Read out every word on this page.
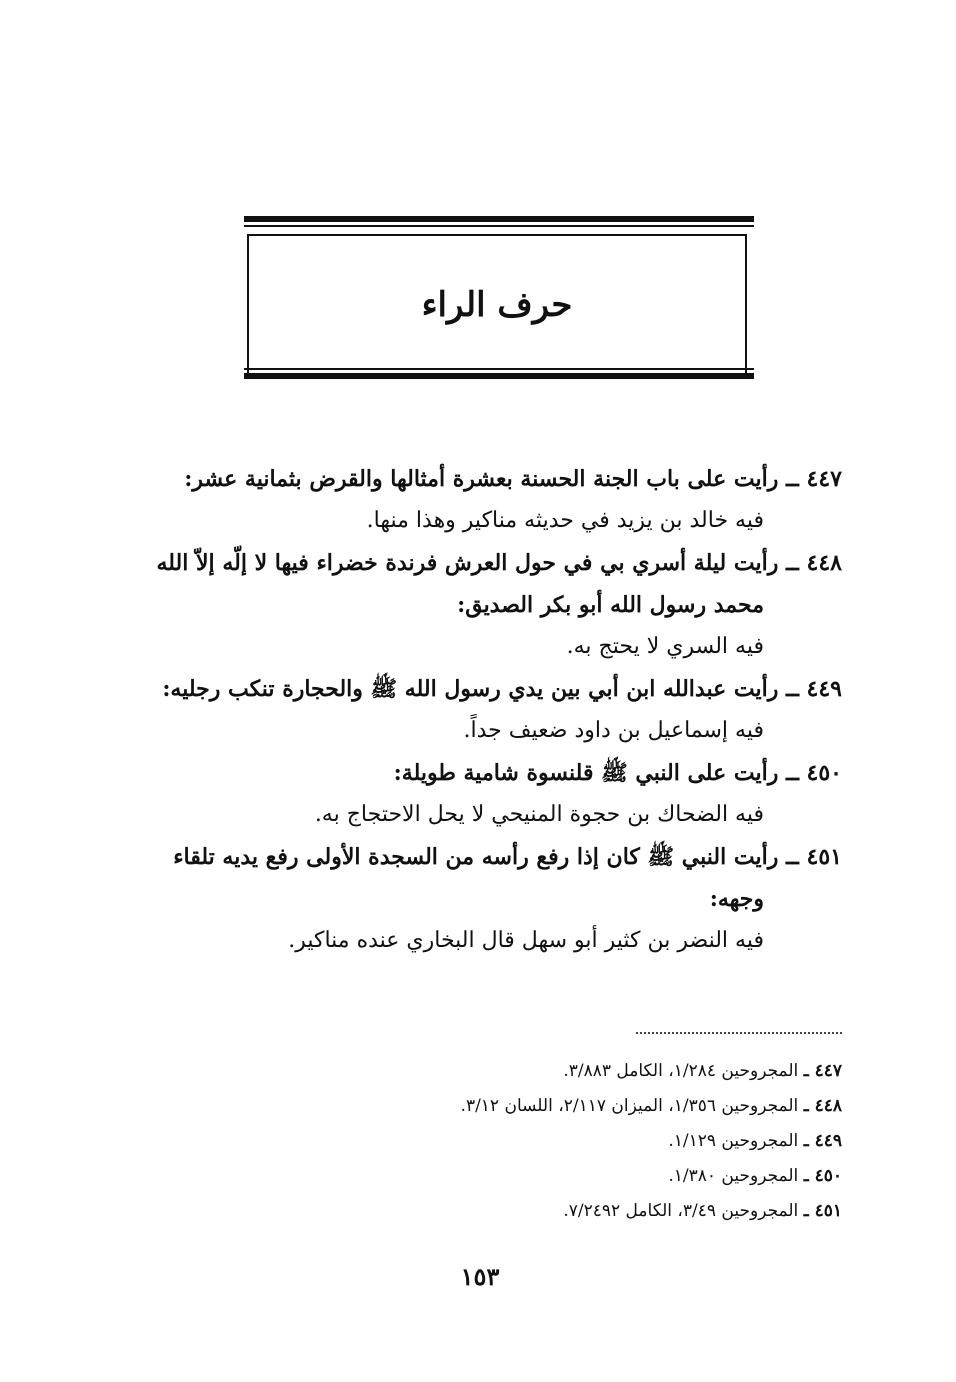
حرف الراء
٤٤٧ ــ رأيت على باب الجنة الحسنة بعشرة أمثالها والقرض بثمانية عشر:
فيه خالد بن يزيد في حديثه مناكير وهذا منها.
٤٤٨ ــ رأيت ليلة أسري بي في حول العرش فرندة خضراء فيها لا إلّه إلاّ الله
محمد رسول الله أبو بكر الصديق:
فيه السري لا يحتج به.
٤٤٩ ــ رأيت عبدالله ابن أبي بين يدي رسول الله ﷺ والحجارة تنكب رجليه:
فيه إسماعيل بن داود ضعيف جداً.
٤٥٠ ــ رأيت على النبي ﷺ قلنسوة شامية طويلة:
فيه الضحاك بن حجوة المنيحي لا يحل الاحتجاج به.
٤٥١ ــ رأيت النبي ﷺ كان إذا رفع رأسه من السجدة الأولى رفع يديه تلقاء
وجهه:
فيه النضر بن كثير أبو سهل قال البخاري عنده مناكير.
٤٤٧ ـ المجروحين ١/٢٨٤، الكامل ٣/٨٨٣.
٤٤٨ ـ المجروحين ١/٣٥٦، الميزان ٢/١١٧، اللسان ٣/١٢.
٤٤٩ ـ المجروحين ١/١٢٩.
٤٥٠ ـ المجروحين ١/٣٨٠.
٤٥١ ـ المجروحين ٣/٤٩، الكامل ٧/٢٤٩٢.
١٥٣
